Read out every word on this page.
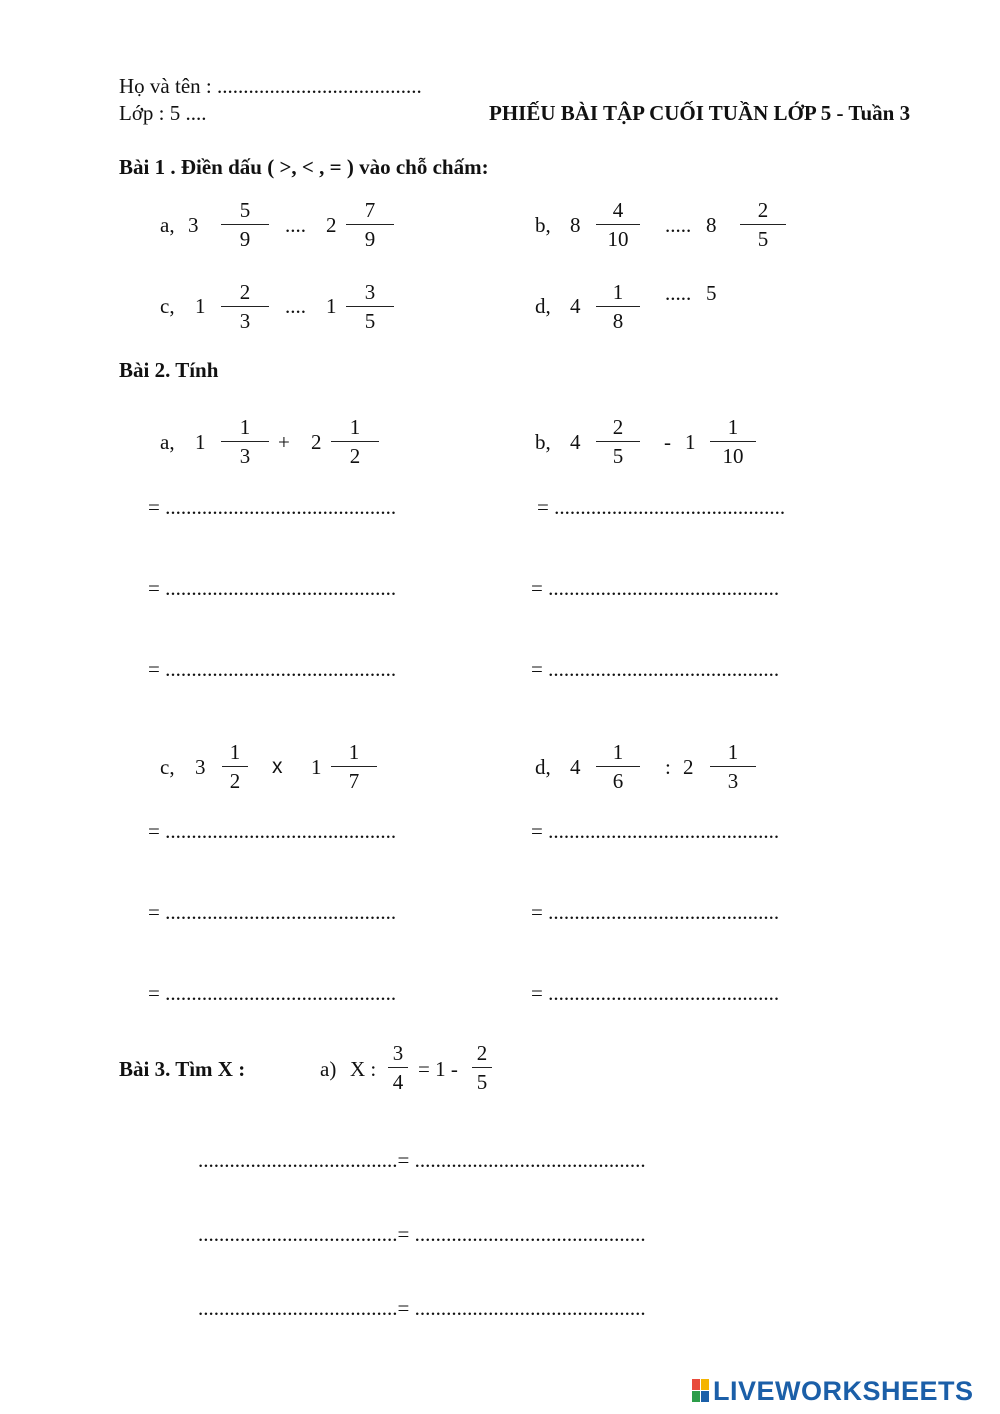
Họ và tên : .......................................
Lớp : 5 ....	PHIẾU BÀI TẬP CUỐI TUẦN LỚP 5 - Tuần 3
Bài 1 . Điền dấu ( >, < , = ) vào chỗ chấm:
a, 3
5
9
.... 2
7
9
b, 8
4
10
..... 8
2
5
c, 1
2
3
.... 1
3
5
d, 4
1
8
..... 5
Bài 2. Tính
a, 1
1
3
+ 2
1
2
b, 4
2
5
- 1
1
10
= ............................................	= ............................................
= ............................................	= ............................................
= ............................................	= ............................................
c, 3
1
2
x 1
1
7
d, 4
1
6
: 2
1
3
= ............................................	= ............................................
= ............................................	= ............................................
= ............................................	= ............................................
Bài 3. Tìm X :	a) X :
3
4
= 1 -
2
5
......................................= ............................................
......................................= ............................................
......................................= ............................................
LIVEWORKSHEETS
